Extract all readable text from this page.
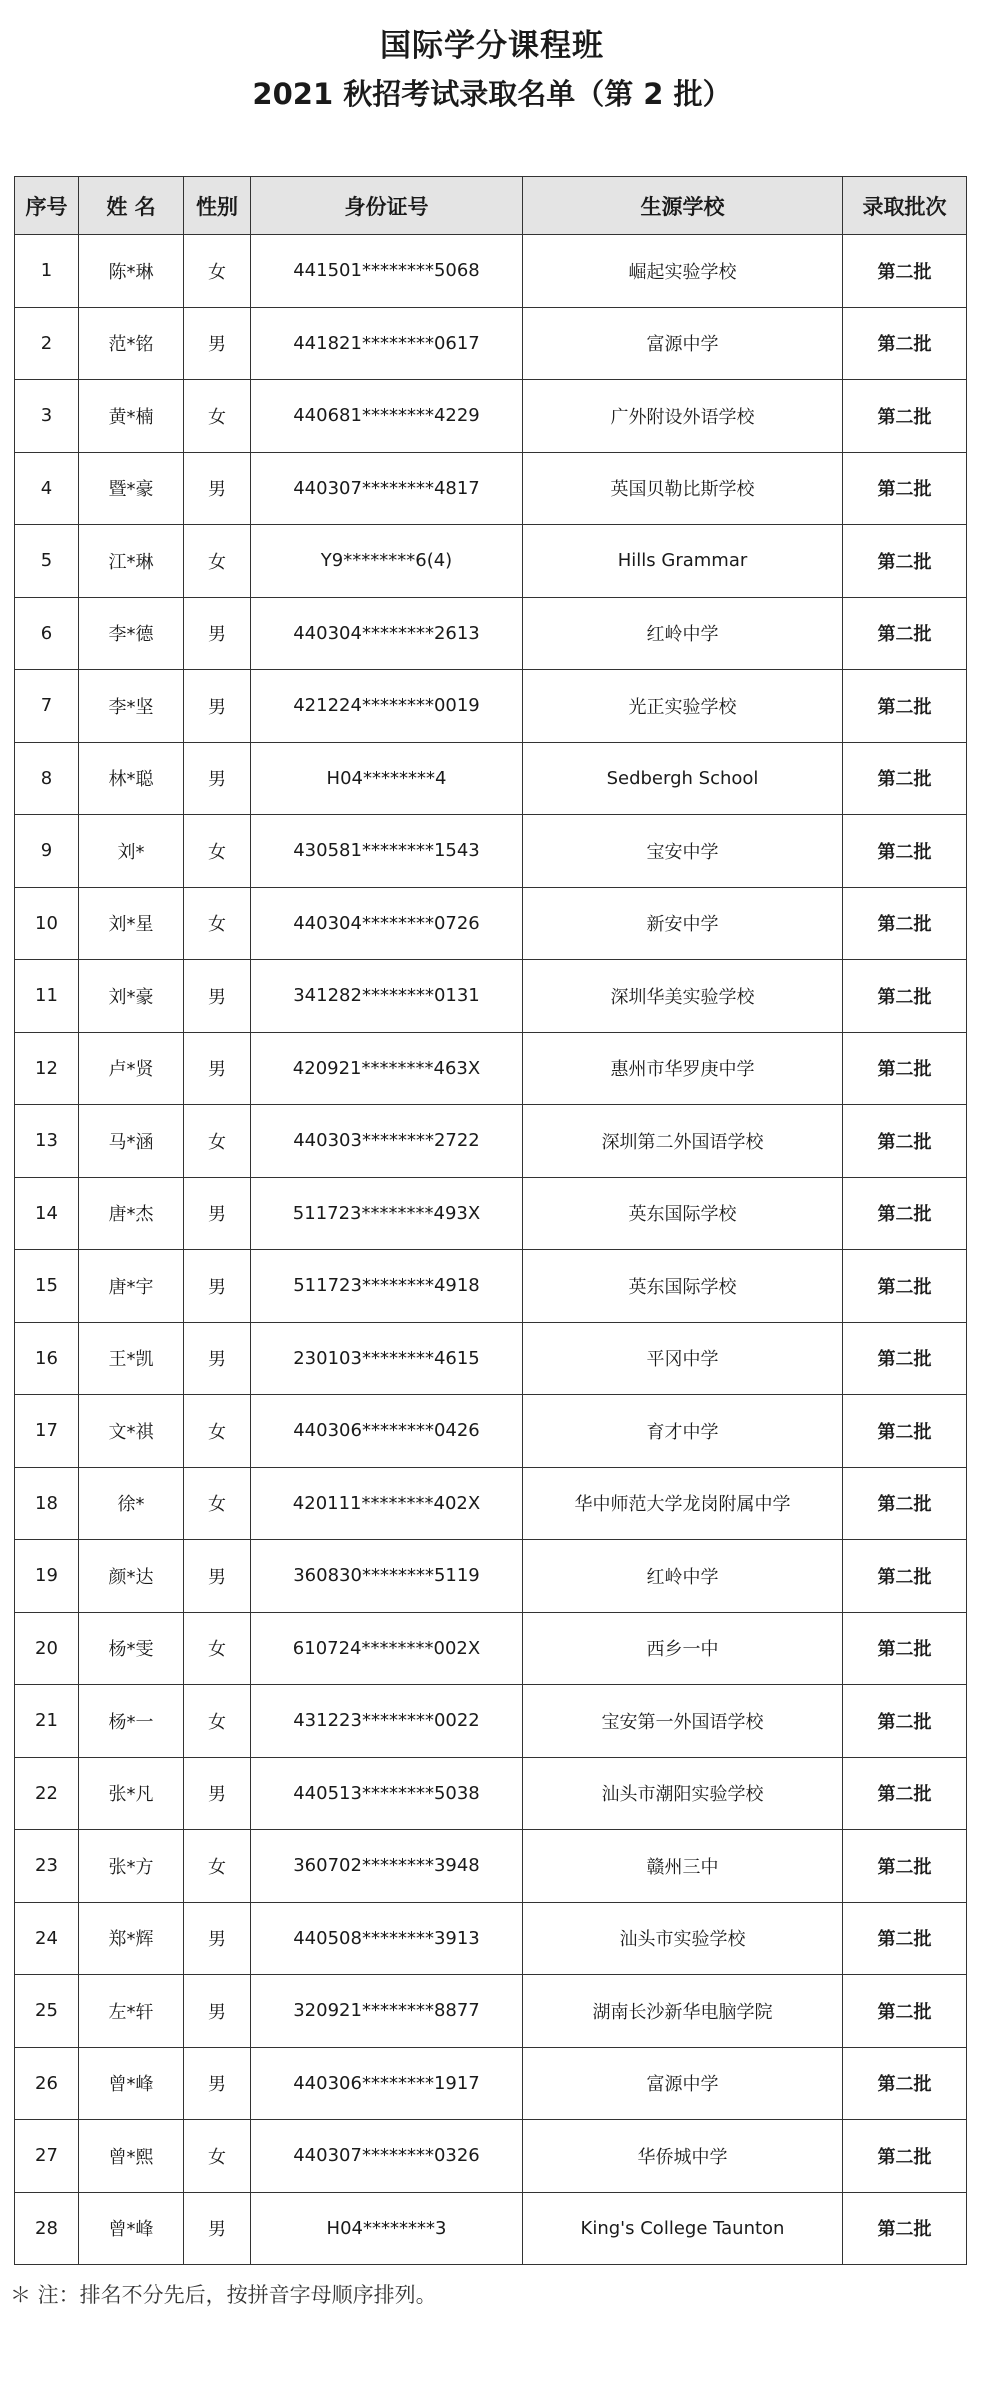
国际学分课程班
2021 秋招考试录取名单（第 2 批）
序号	姓 名	性别	身份证号	生源学校	录取批次
1	陈*琳	女	441501********5068	崛起实验学校	第二批
2	范*铭	男	441821********0617	富源中学	第二批
3	黄*楠	女	440681********4229	广外附设外语学校	第二批
4	暨*豪	男	440307********4817	英国贝勒比斯学校	第二批
5	江*琳	女	Y9********6(4)	Hills Grammar	第二批
6	李*德	男	440304********2613	红岭中学	第二批
7	李*坚	男	421224********0019	光正实验学校	第二批
8	林*聪	男	H04********4	Sedbergh School	第二批
9	刘*	女	430581********1543	宝安中学	第二批
10	刘*星	女	440304********0726	新安中学	第二批
11	刘*豪	男	341282********0131	深圳华美实验学校	第二批
12	卢*贤	男	420921********463X	惠州市华罗庚中学	第二批
13	马*涵	女	440303********2722	深圳第二外国语学校	第二批
14	唐*杰	男	511723********493X	英东国际学校	第二批
15	唐*宇	男	511723********4918	英东国际学校	第二批
16	王*凯	男	230103********4615	平冈中学	第二批
17	文*祺	女	440306********0426	育才中学	第二批
18	徐*	女	420111********402X	华中师范大学龙岗附属中学	第二批
19	颜*达	男	360830********5119	红岭中学	第二批
20	杨*雯	女	610724********002X	西乡一中	第二批
21	杨*一	女	431223********0022	宝安第一外国语学校	第二批
22	张*凡	男	440513********5038	汕头市潮阳实验学校	第二批
23	张*方	女	360702********3948	赣州三中	第二批
24	郑*辉	男	440508********3913	汕头市实验学校	第二批
25	左*轩	男	320921********8877	湖南长沙新华电脑学院	第二批
26	曾*峰	男	440306********1917	富源中学	第二批
27	曾*熙	女	440307********0326	华侨城中学	第二批
28	曾*峰	男	H04********3	King's College Taunton	第二批
＊ 注：排名不分先后，按拼音字母顺序排列。
